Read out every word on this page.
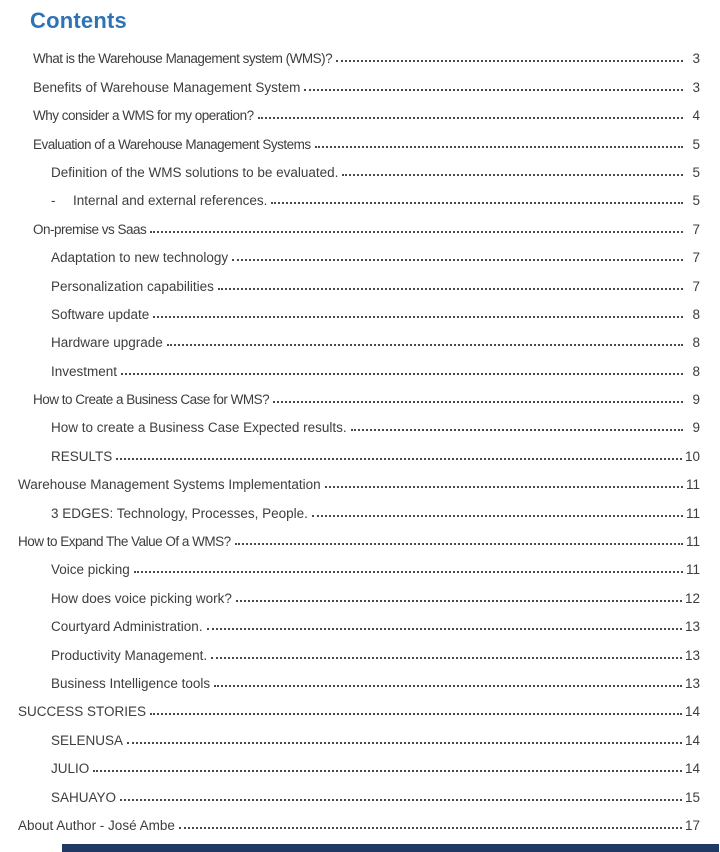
Contents
What is the Warehouse Management system (WMS)?	3
Benefits of Warehouse Management System	3
Why consider a WMS for my operation?	4
Evaluation of a Warehouse Management Systems	5
Definition of the WMS solutions to be evaluated.	5
-	Internal and external references.	5
On-premise vs Saas	7
Adaptation to new technology	7
Personalization capabilities	7
Software update	8
Hardware upgrade	8
Investment	8
How to Create a Business Case for WMS?	9
How to create a Business Case Expected results.	9
RESULTS	10
Warehouse Management Systems Implementation	11
3 EDGES: Technology, Processes, People.	11
How to Expand The Value Of a WMS?	11
Voice picking	11
How does voice picking work?	12
Courtyard Administration.	13
Productivity Management.	13
Business Intelligence tools	13
SUCCESS STORIES	14
SELENUSA	14
JULIO	14
SAHUAYO	15
About Author - José Ambe	17
